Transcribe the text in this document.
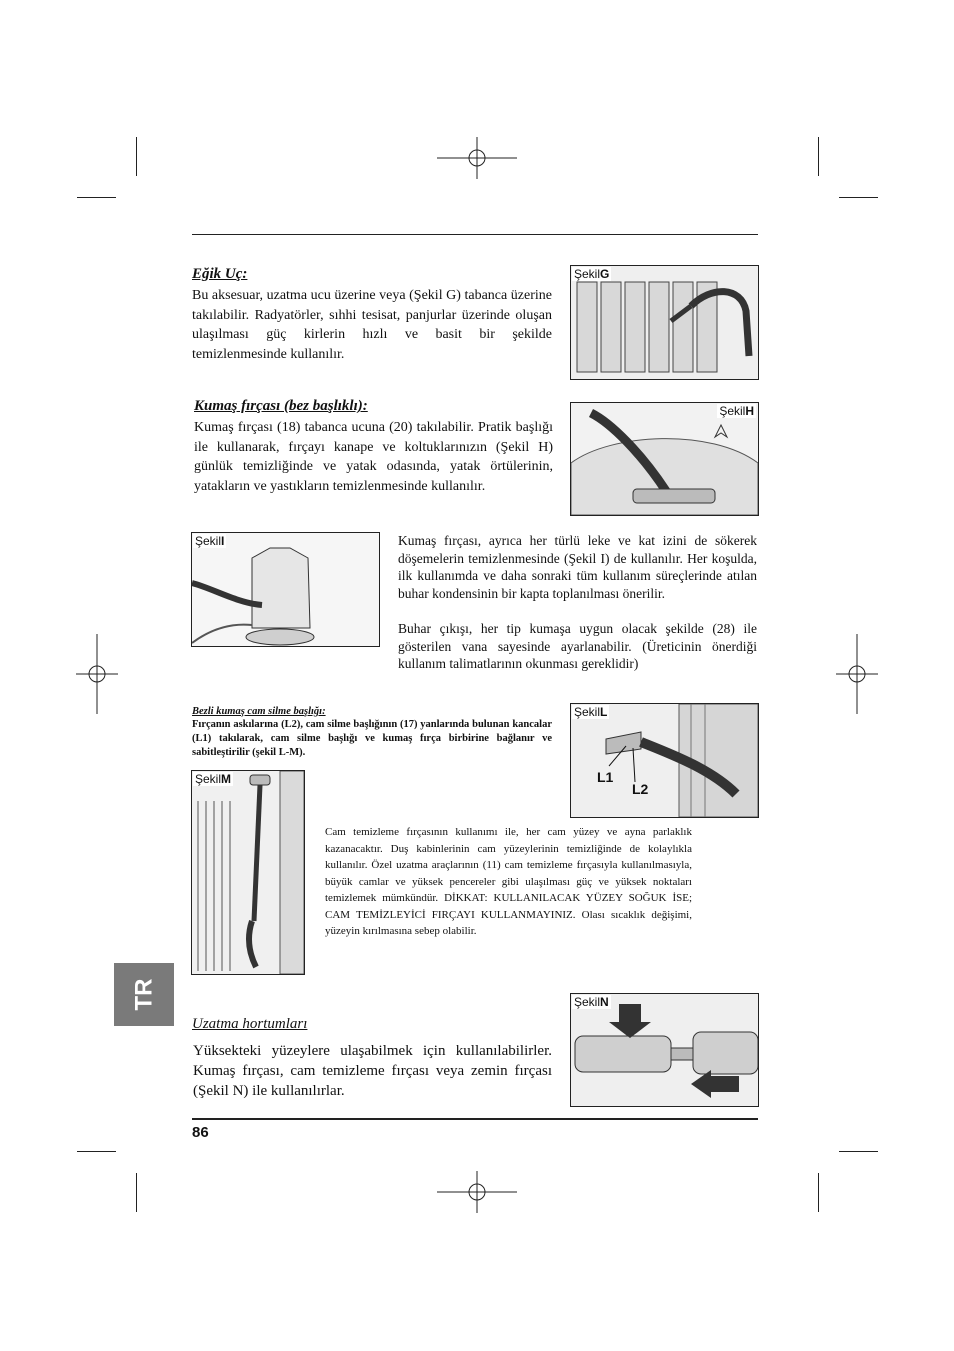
Eğik Uç:
Bu aksesuar, uzatma ucu üzerine veya (Şekil G) tabanca üzerine takılabilir. Radyatörler, sıhhi tesisat, panjurlar üzerinde oluşan ulaşılması güç kirlerin hızlı ve basit bir şekilde temizlenmesinde kullanılır.
ŞekilG
Kumaş fırçası (bez başlıklı):
Kumaş fırçası (18) tabanca ucuna (20) takılabilir. Pratik başlığı ile kullanarak, fırçayı kanape ve koltuklarınızın (Şekil H) günlük temizliğinde ve yatak odasında, yatak örtülerinin, yatakların ve yastıkların temizlenmesinde kullanılır.
ŞekilH
ŞekilI	Kumaş fırçası, ayrıca her türlü leke ve kat izini de sökerek döşemelerin temizlenmesinde (Şekil I) de kullanılır. Her koşulda, ilk kullanımda ve daha sonraki tüm kullanım süreçlerinde atılan buhar kondensinin bir kapta toplanılması önerilir.
Buhar çıkışı, her tip kumaşa uygun olacak şekilde (28) ile gösterilen vana sayesinde ayarlanabilir. (Üreticinin önerdiği kullanım talimatlarının okunması gereklidir)
Bezli kumaş cam silme başlığı:
Fırçanın askılarına (L2), cam silme başlığının (17) yanlarında bulunan kancalar (L1) takılarak, cam silme başlığı ve kumaş fırça birbirine bağlanır ve sabitleştirilir (şekil L-M).
ŞekilL
L1
L2
ŞekilM
Cam temizleme fırçasının kullanımı ile, her cam yüzey ve ayna parlaklık kazanacaktır. Duş kabinlerinin cam yüzeylerinin temizliğinde de kolaylıkla kullanılır. Özel uzatma araçlarının (11) cam temizleme fırçasıyla kullanılmasıyla, büyük camlar ve yüksek pencereler gibi ulaşılması güç ve yüksek noktaları temizlemek mümkündür. DİKKAT: KULLANILACAK YÜZEY SOĞUK İSE; CAM TEMİZLEYİCİ FIRÇAYI KULLANMAYINIZ. Olası sıcaklık değişimi, yüzeyin kırılmasına sebep olabilir.
TR
Uzatma hortumları
Yüksekteki yüzeylere ulaşabilmek için kullanılabilirler. Kumaş fırçası, cam temizleme fırçası veya zemin fırçası (Şekil N) ile kullanılırlar.
ŞekilN
86
